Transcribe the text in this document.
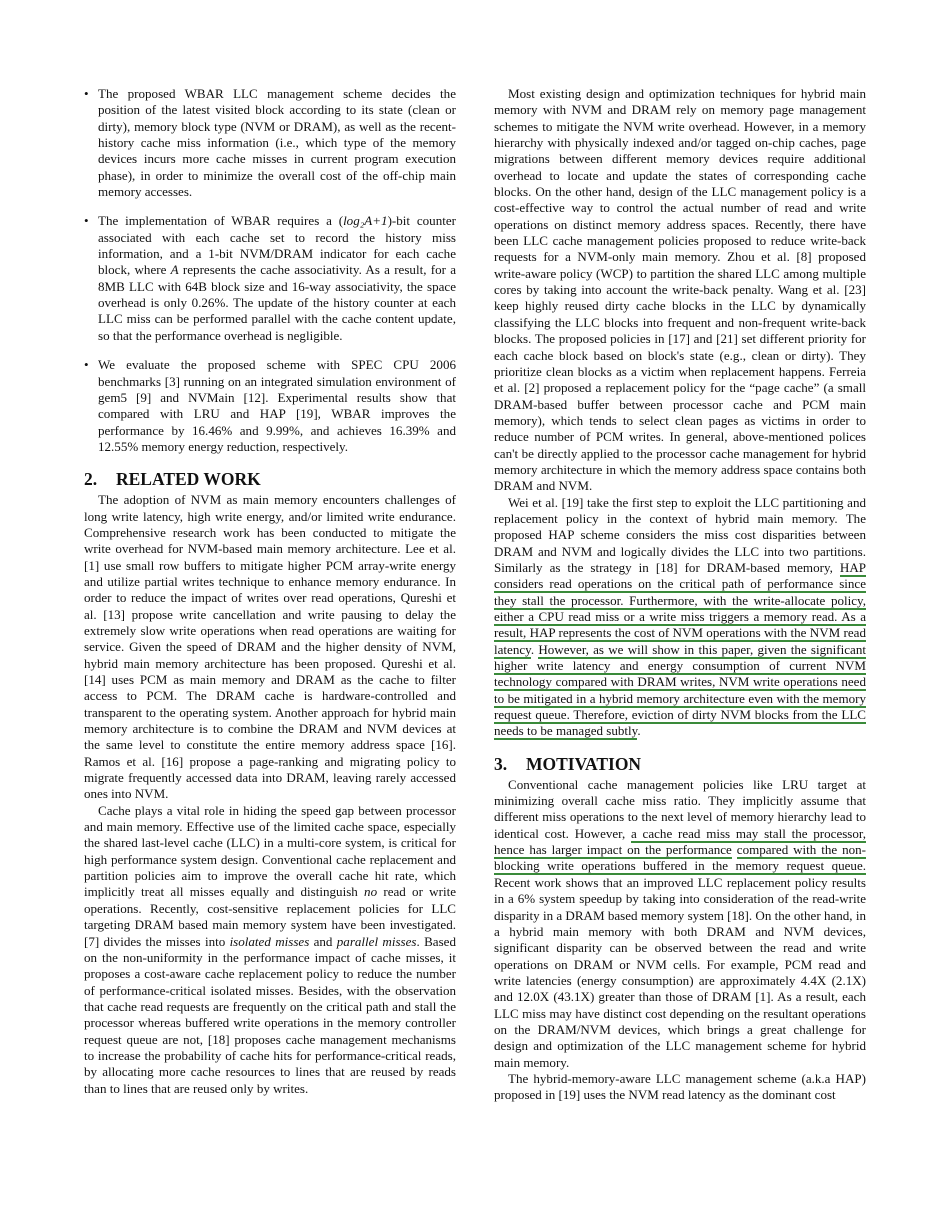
• The proposed WBAR LLC management scheme decides the position of the latest visited block according to its state (clean or dirty), memory block type (NVM or DRAM), as well as the recent-history cache miss information (i.e., which type of the memory devices incurs more cache misses in current program execution phase), in order to minimize the overall cost of the off-chip main memory accesses.
• The implementation of WBAR requires a (log₂A+1)-bit counter associated with each cache set to record the history miss information, and a 1-bit NVM/DRAM indicator for each cache block, where A represents the cache associativity. As a result, for a 8MB LLC with 64B block size and 16-way associativity, the space overhead is only 0.26%. The update of the history counter at each LLC miss can be performed parallel with the cache content update, so that the performance overhead is negligible.
• We evaluate the proposed scheme with SPEC CPU 2006 benchmarks [3] running on an integrated simulation environment of gem5 [9] and NVMain [12]. Experimental results show that compared with LRU and HAP [19], WBAR improves the performance by 16.46% and 9.99%, and achieves 16.39% and 12.55% memory energy reduction, respectively.
2. RELATED WORK

The adoption of NVM as main memory encounters challenges of long write latency, high write energy, and/or limited write endurance. Comprehensive research work has been conducted to mitigate the write overhead for NVM-based main memory architecture. Lee et al. [1] use small row buffers to mitigate higher PCM array-write energy and utilize partial writes technique to enhance memory endurance. In order to reduce the impact of writes over read operations, Qureshi et al. [13] propose write cancellation and write pausing to delay the extremely slow write operations when read operations are waiting for service. Given the speed of DRAM and the higher density of NVM, hybrid main memory architecture has been proposed. Qureshi et al. [14] uses PCM as main memory and DRAM as the cache to filter access to PCM. The DRAM cache is hardware-controlled and transparent to the operating system. Another approach for hybrid main memory architecture is to combine the DRAM and NVM devices at the same level to constitute the entire memory address space [16]. Ramos et al. [16] propose a page-ranking and migrating policy to migrate frequently accessed data into DRAM, leaving rarely accessed ones into NVM.

Cache plays a vital role in hiding the speed gap between processor and main memory. Effective use of the limited cache space, especially the shared last-level cache (LLC) in a multi-core system, is critical for high performance system design. Conventional cache replacement and partition policies aim to improve the overall cache hit rate, which implicitly treat all misses equally and distinguish no read or write operations. Recently, cost-sensitive replacement policies for LLC targeting DRAM based main memory system have been investigated. [7] divides the misses into isolated misses and parallel misses. Based on the non-uniformity in the performance impact of cache misses, it proposes a cost-aware cache replacement policy to reduce the number of performance-critical isolated misses. Besides, with the observation that cache read requests are frequently on the critical path and stall the processor whereas buffered write operations in the memory controller request queue are not, [18] proposes cache management mechanisms to increase the probability of cache hits for performance-critical reads, by allocating more cache resources to lines that are reused by reads than to lines that are reused only by writes.

Most existing design and optimization techniques for hybrid main memory with NVM and DRAM rely on memory page management schemes to mitigate the NVM write overhead. However, in a memory hierarchy with physically indexed and/or tagged on-chip caches, page migrations between different memory devices require additional overhead to locate and update the states of corresponding cache blocks. On the other hand, design of the LLC management policy is a cost-effective way to control the actual number of read and write operations on distinct memory address spaces. Recently, there have been LLC cache management policies proposed to reduce write-back requests for a NVM-only main memory. Zhou et al. [8] proposed write-aware policy (WCP) to partition the shared LLC among multiple cores by taking into account the write-back penalty. Wang et al. [23] keep highly reused dirty cache blocks in the LLC by dynamically classifying the LLC blocks into frequent and non-frequent write-back blocks. The proposed policies in [17] and [21] set different priority for each cache block based on block's state (e.g., clean or dirty). They prioritize clean blocks as a victim when replacement happens. Ferreia et al. [2] proposed a replacement policy for the “page cache” (a small DRAM-based buffer between processor cache and PCM main memory), which tends to select clean pages as victims in order to reduce number of PCM writes. In general, above-mentioned polices can't be directly applied to the processor cache management for hybrid memory architecture in which the memory address space contains both DRAM and NVM.

Wei et al. [19] take the first step to exploit the LLC partitioning and replacement policy in the context of hybrid main memory. The proposed HAP scheme considers the miss cost disparities between DRAM and NVM and logically divides the LLC into two partitions. Similarly as the strategy in [18] for DRAM-based memory, HAP considers read operations on the critical path of performance since they stall the processor. Furthermore, with the write-allocate policy, either a CPU read miss or a write miss triggers a memory read. As a result, HAP represents the cost of NVM operations with the NVM read latency. However, as we will show in this paper, given the significant higher write latency and energy consumption of current NVM technology compared with DRAM writes, NVM write operations need to be mitigated in a hybrid memory architecture even with the memory request queue. Therefore, eviction of dirty NVM blocks from the LLC needs to be managed subtly.

3. MOTIVATION

Conventional cache management policies like LRU target at minimizing overall cache miss ratio. They implicitly assume that different miss operations to the next level of memory hierarchy lead to identical cost. However, a cache read miss may stall the processor, hence has larger impact on the performance compared with the non-blocking write operations buffered in the memory request queue. Recent work shows that an improved LLC replacement policy results in a 6% system speedup by taking into consideration of the read-write disparity in a DRAM based memory system [18]. On the other hand, in a hybrid main memory with both DRAM and NVM devices, significant disparity can be observed between the read and write operations on DRAM or NVM cells. For example, PCM read and write latencies (energy consumption) are approximately 4.4X (2.1X) and 12.0X (43.1X) greater than those of DRAM [1]. As a result, each LLC miss may have distinct cost depending on the resultant operations on the DRAM/NVM devices, which brings a great challenge for design and optimization of the LLC management scheme for hybrid main memory.

The hybrid-memory-aware LLC management scheme (a.k.a HAP) proposed in [19] uses the NVM read latency as the dominant cost
